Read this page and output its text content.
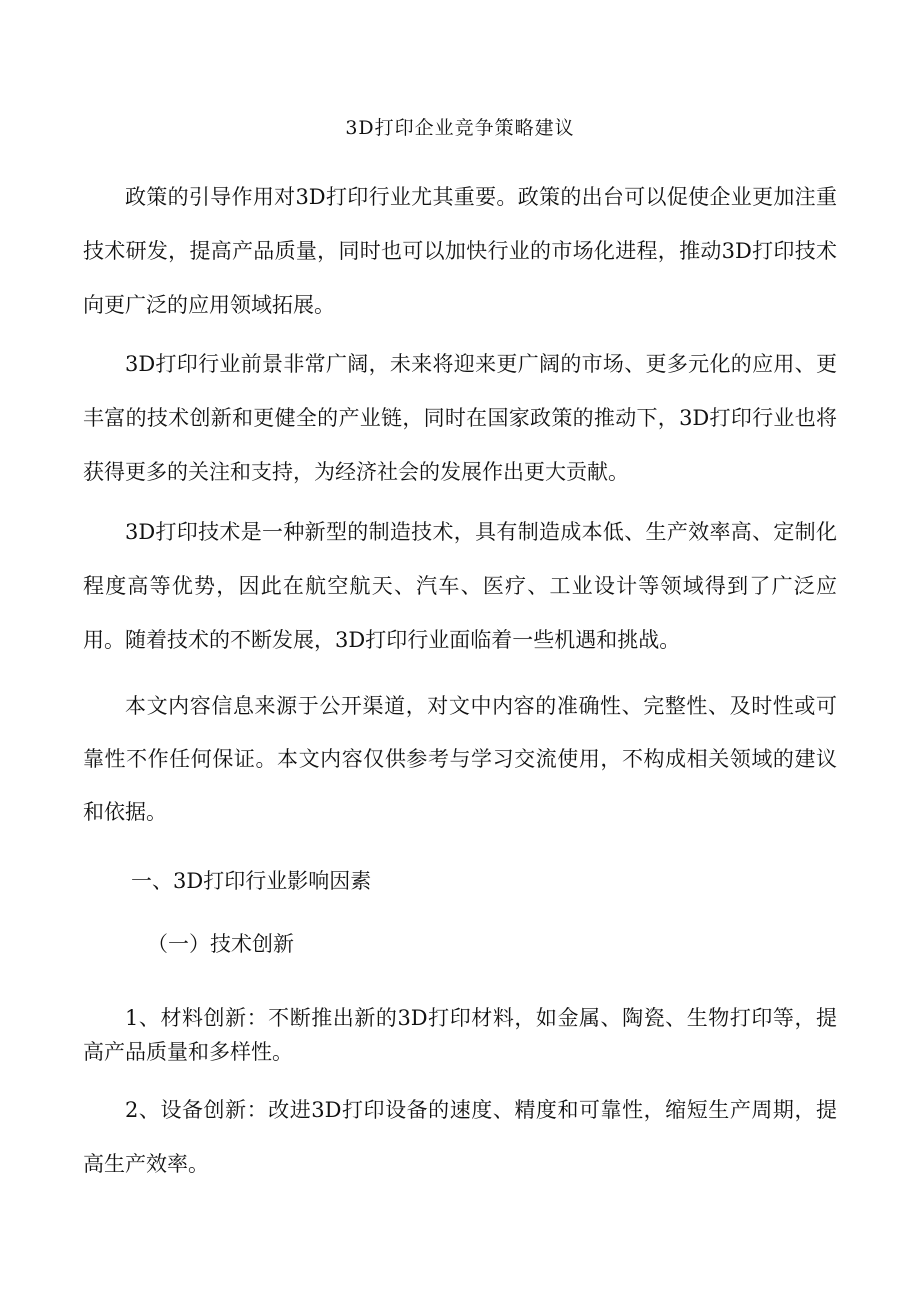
3D打印企业竞争策略建议

政策的引导作用对3D打印行业尤其重要。政策的出台可以促使企业更加注重技术研发，提高产品质量，同时也可以加快行业的市场化进程，推动3D打印技术向更广泛的应用领域拓展。

3D打印行业前景非常广阔，未来将迎来更广阔的市场、更多元化的应用、更丰富的技术创新和更健全的产业链，同时在国家政策的推动下，3D打印行业也将获得更多的关注和支持，为经济社会的发展作出更大贡献。

3D打印技术是一种新型的制造技术，具有制造成本低、生产效率高、定制化程度高等优势，因此在航空航天、汽车、医疗、工业设计等领域得到了广泛应用。随着技术的不断发展，3D打印行业面临着一些机遇和挑战。

本文内容信息来源于公开渠道，对文中内容的准确性、完整性、及时性或可靠性不作任何保证。本文内容仅供参考与学习交流使用，不构成相关领域的建议和依据。

一、3D打印行业影响因素
（一）技术创新

1、材料创新：不断推出新的3D打印材料，如金属、陶瓷、生物打印等，提高产品质量和多样性。

2、设备创新：改进3D打印设备的速度、精度和可靠性，缩短生产周期，提高生产效率。
